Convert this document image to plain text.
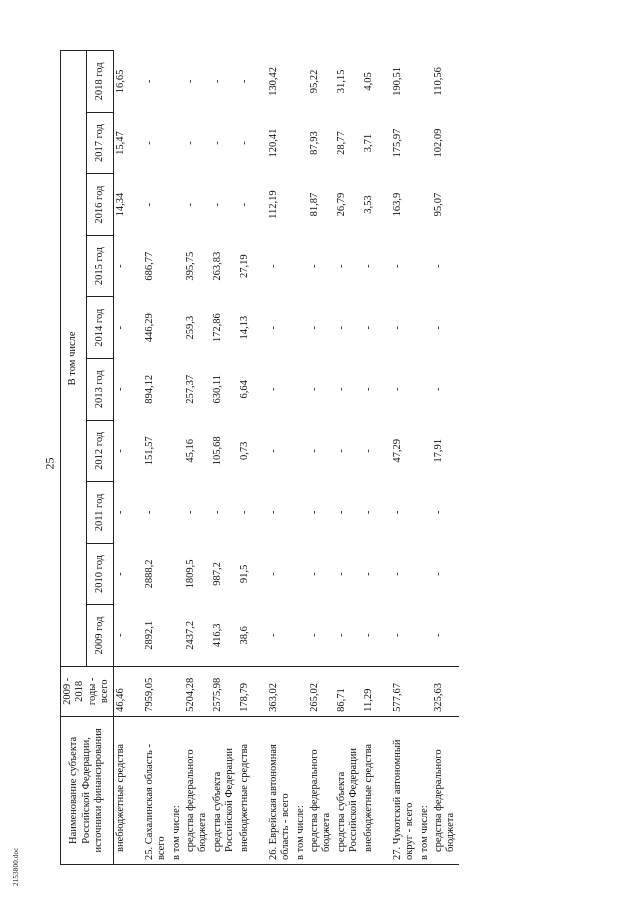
25
2153800.doc
Наименование субъекта Российской Федерации, источники финансирования	2009 - 2018 годы - всего	В том числе									
		2009 год	2010 год	2011 год	2012 год	2013 год	2014 год	2015 год	2016 год	2017 год	2018 год
внебюджетные средства	46,46	-	-	-	-	-	-	-	14,34	15,47	16,65
25. Сахалинская область - всего	7959,05	2892,1	2888,2	-	151,57	894,12	446,29	686,77	-	-	-
в том числе:											
средства федерального бюджета	5204,28	2437,2	1809,5	-	45,16	257,37	259,3	395,75	-	-	-
средства субъекта Российской Федерации	2575,98	416,3	987,2	-	105,68	630,11	172,86	263,83	-	-	-
внебюджетные средства	178,79	38,6	91,5	-	0,73	6,64	14,13	27,19	-	-	-
26. Еврейская автономная область - всего	363,02	-	-	-	-	-	-	-	112,19	120,41	130,42
в том числе:											
средства федерального бюджета	265,02	-	-	-	-	-	-	-	81,87	87,93	95,22
средства субъекта Российской Федерации	86,71	-	-	-	-	-	-	-	26,79	28,77	31,15
внебюджетные средства	11,29	-	-	-	-	-	-	-	3,53	3,71	4,05
27. Чукотский автономный округ - всего	577,67	-	-	-	47,29	-	-	-	163,9	175,97	190,51
в том числе:											
средства федерального бюджета	325,63	-	-	-	17,91	-	-	-	95,07	102,09	110,56
